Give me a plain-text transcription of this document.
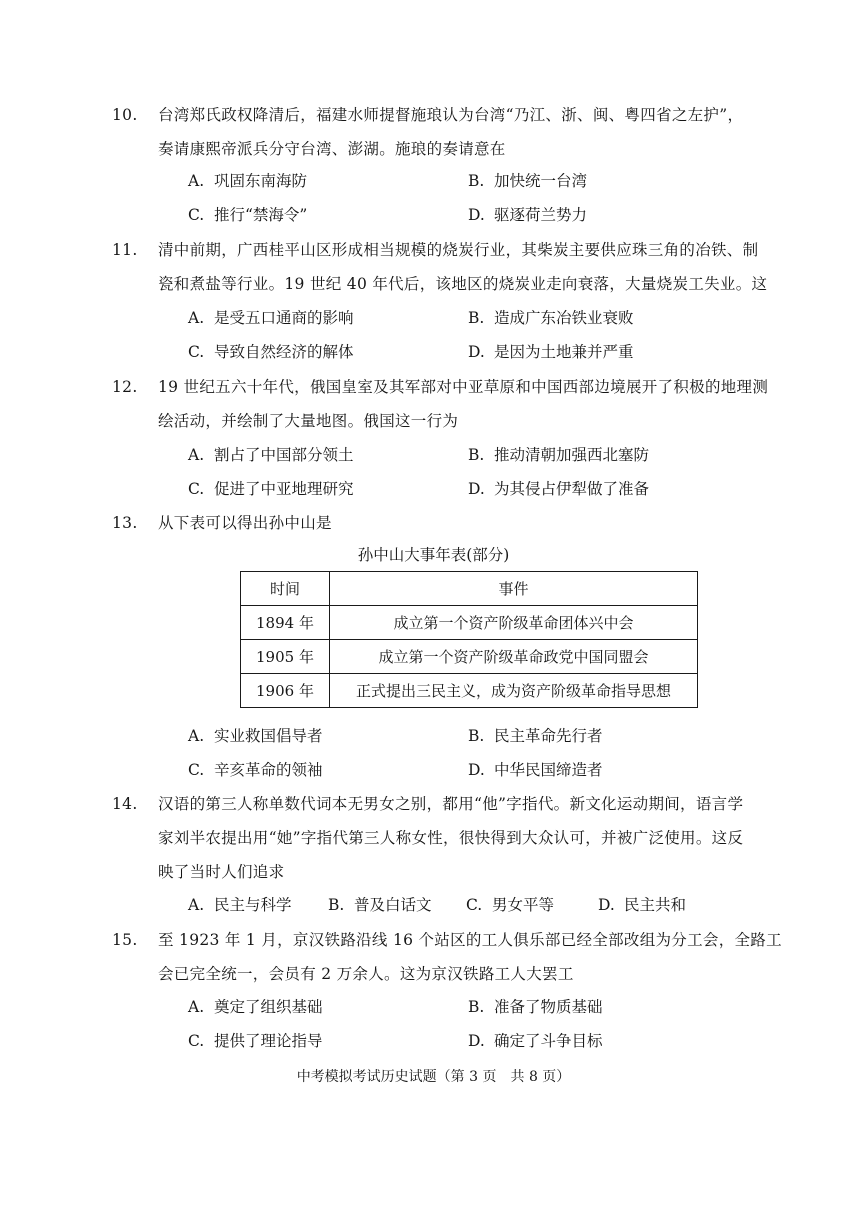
10. 台湾郑氏政权降清后，福建水师提督施琅认为台湾“乃江、浙、闽、粤四省之左护”，
奏请康熙帝派兵分守台湾、澎湖。施琅的奏请意在
A. 巩固东南海防	B. 加快统一台湾
C. 推行“禁海令”	D. 驱逐荷兰势力
11. 清中前期，广西桂平山区形成相当规模的烧炭行业，其柴炭主要供应珠三角的冶铁、制
瓷和煮盐等行业。19 世纪 40 年代后，该地区的烧炭业走向衰落，大量烧炭工失业。这
A. 是受五口通商的影响	B. 造成广东冶铁业衰败
C. 导致自然经济的解体	D. 是因为土地兼并严重
12. 19 世纪五六十年代，俄国皇室及其军部对中亚草原和中国西部边境展开了积极的地理测
绘活动，并绘制了大量地图。俄国这一行为
A. 割占了中国部分领土	B. 推动清朝加强西北塞防
C. 促进了中亚地理研究	D. 为其侵占伊犁做了准备
13. 从下表可以得出孙中山是
孙中山大事年表(部分)
时间	事件
1894 年	成立第一个资产阶级革命团体兴中会
1905 年	成立第一个资产阶级革命政党中国同盟会
1906 年	正式提出三民主义，成为资产阶级革命指导思想
A. 实业救国倡导者	B. 民主革命先行者
C. 辛亥革命的领袖	D. 中华民国缔造者
14. 汉语的第三人称单数代词本无男女之别，都用“他”字指代。新文化运动期间，语言学
家刘半农提出用“她”字指代第三人称女性，很快得到大众认可，并被广泛使用。这反
映了当时人们追求
A. 民主与科学 B. 普及白话文 C. 男女平等	D. 民主共和
15. 至 1923 年 1 月，京汉铁路沿线 16 个站区的工人俱乐部已经全部改组为分工会，全路工
会已完全统一，会员有 2 万余人。这为京汉铁路工人大罢工
A. 奠定了组织基础	B. 准备了物质基础
C. 提供了理论指导	D. 确定了斗争目标
中考模拟考试历史试题（第 3 页　共 8 页）
